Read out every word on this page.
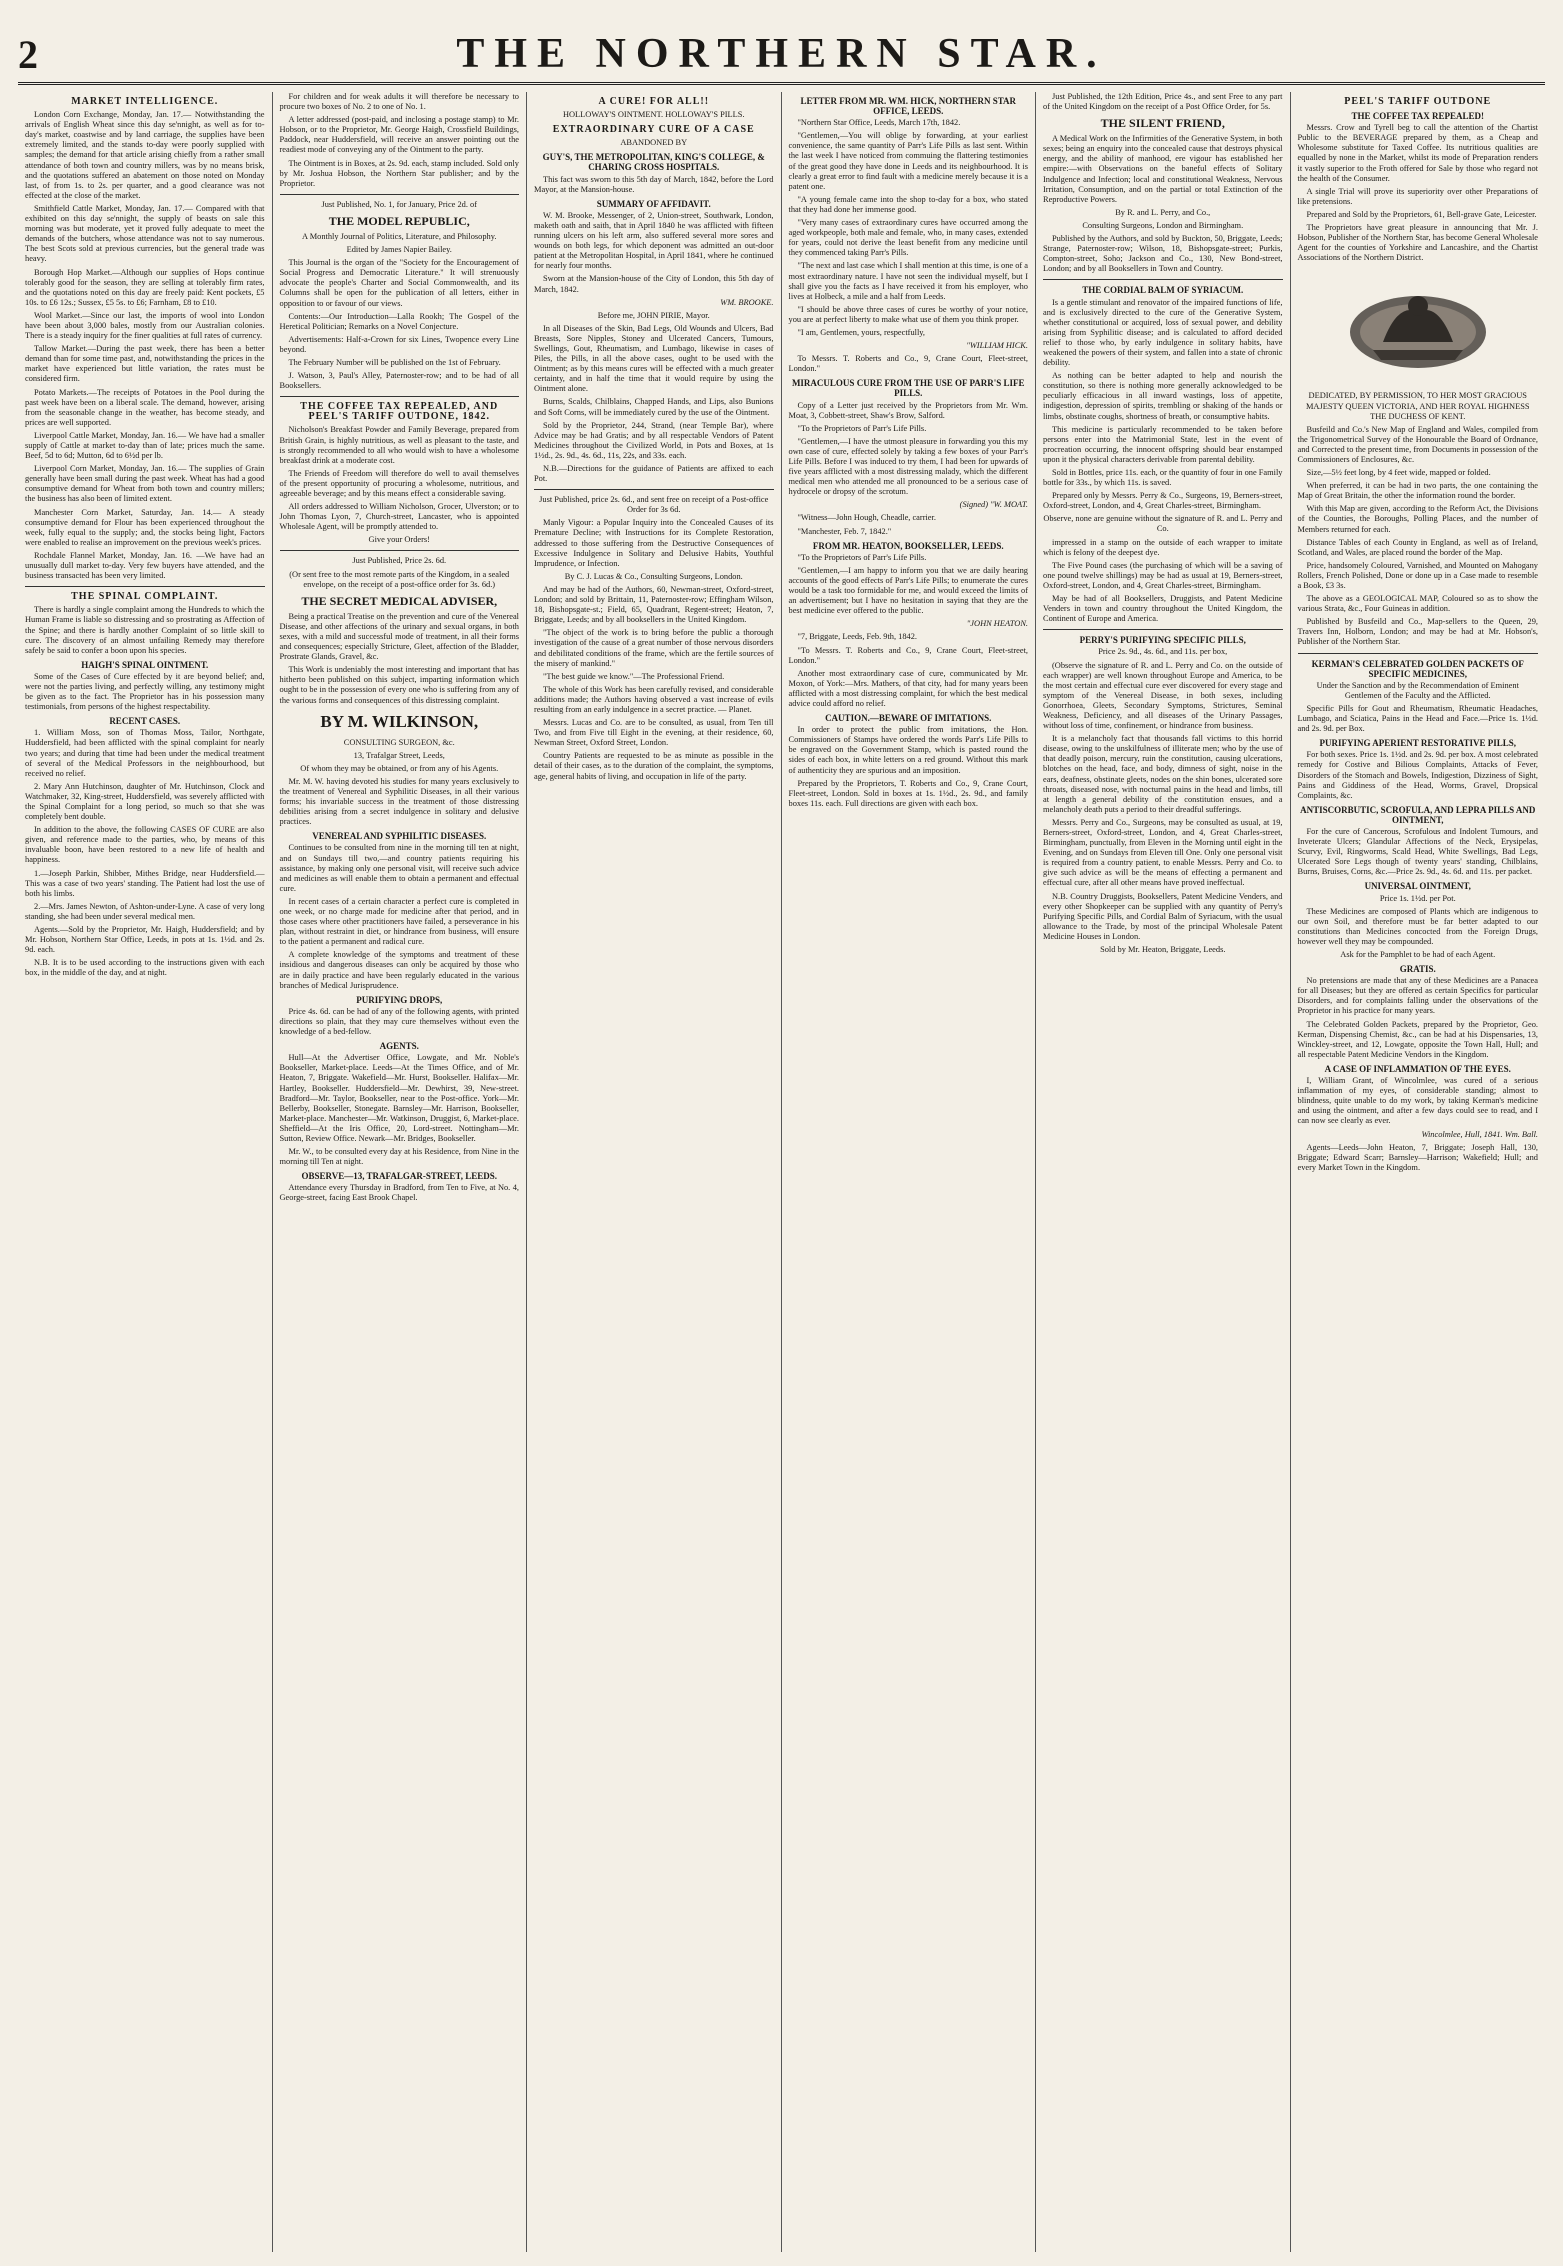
2	THE NORTHERN STAR.
MARKET INTELLIGENCE.

London Corn Exchange, Monday, Jan. 17.— Notwithstanding the arrivals of English Wheat since this day se'nnight, as well as for to-day's market, coastwise and by land carriage, the supplies have been extremely limited, and the stands to-day were poorly supplied with samples; the demand for that article arising chiefly from a rather small attendance of both town and country millers, was by no means brisk, and the quotations suffered an abatement on those noted on Monday last, of from 1s. to 2s. per quarter, and a good clearance was not effected at the close of the market.

Smithfield Cattle Market, Monday, Jan. 17.— Compared with that exhibited on this day se'nnight, the supply of beasts on sale this morning was but moderate, yet it proved fully adequate to meet the demands of the butchers, whose attendance was not to say numerous. The best Scots sold at previous currencies, but the general trade was heavy.

Borough Hop Market.—Although our supplies of Hops continue tolerably good for the season, they are selling at tolerably firm rates, and the quotations noted on this day are freely paid: Kent pockets, £5 10s. to £6 12s.; Sussex, £5 5s. to £6; Farnham, £8 to £10.

Wool Market.—Since our last, the imports of wool into London have been about 3,000 bales, mostly from our Australian colonies. There is a steady inquiry for the finer qualities at full rates of currency.

Tallow Market.—During the past week, there has been a better demand than for some time past, and, notwithstanding the prices in the market have experienced but little variation, the rates must be considered firm.

Potato Markets.—The receipts of Potatoes in the Pool during the past week have been on a liberal scale. The demand, however, arising from the seasonable change in the weather, has become steady, and prices are well supported.

Liverpool Cattle Market, Monday, Jan. 16.— We have had a smaller supply of Cattle at market to-day than of late; prices much the same. Beef, 5d to 6d; Mutton, 6d to 6½d per lb.

Liverpool Corn Market, Monday, Jan. 16.— The supplies of Grain generally have been small during the past week. Wheat has had a good consumptive demand for Wheat from both town and country millers; the business has also been of limited extent.

Manchester Corn Market, Saturday, Jan. 14.— A steady consumptive demand for Flour has been experienced throughout the week, fully equal to the supply; and, the stocks being light, Factors were enabled to realise an improvement on the previous week's prices.

Rochdale Flannel Market, Monday, Jan. 16. —We have had an unusually dull market to-day. Very few buyers have attended, and the business transacted has been very limited.

THE SPINAL COMPLAINT.

There is hardly a single complaint among the Hundreds to which the Human Frame is liable so distressing and so prostrating as Affection of the Spine; and there is hardly another Complaint of so little skill to cure. The discovery of an almost unfailing Remedy may therefore safely be said to confer a boon upon his species.

HAIGH'S SPINAL OINTMENT.

Some of the Cases of Cure effected by it are beyond belief; and, were not the parties living, and perfectly willing, any testimony might be given as to the fact. The Proprietor has in his possession many testimonials, from persons of the highest respectability.

RECENT CASES.

1. William Moss, son of Thomas Moss, Tailor, Northgate, Huddersfield, had been afflicted with the spinal complaint for nearly two years; and during that time had been under the medical treatment of several of the Medical Professors in the neighbourhood, but received no relief.

2. Mary Ann Hutchinson, daughter of Mr. Hutchinson, Clock and Watchmaker, 32, King-street, Huddersfield, was severely afflicted with the Spinal Complaint for a long period, so much so that she was completely bent double.

In addition to the above, the following CASES OF CURE are also given, and reference made to the parties, who, by means of this invaluable boon, have been restored to a new life of health and happiness.

1.—Joseph Parkin, Shibber, Mithes Bridge, near Huddersfield.—This was a case of two years' standing. The Patient had lost the use of both his limbs.

2.—Mrs. James Newton, of Ashton-under-Lyne. A case of very long standing, she had been under several medical men.

Agents.—Sold by the Proprietor, Mr. Haigh, Huddersfield; and by Mr. Hobson, Northern Star Office, Leeds, in pots at 1s. 1½d. and 2s. 9d. each.

N.B. It is to be used according to the instructions given with each box, in the middle of the day, and at night.

For children and for weak adults it will therefore be necessary to procure two boxes of No. 2 to one of No. 1.

A letter addressed (post-paid, and inclosing a postage stamp) to Mr. Hobson, or to the Proprietor, Mr. George Haigh, Crossfield Buildings, Paddock, near Huddersfield, will receive an answer pointing out the readiest mode of conveying any of the Ointment to the party.

The Ointment is in Boxes, at 2s. 9d. each, stamp included. Sold only by Mr. Joshua Hobson, the Northern Star publisher; and by the Proprietor.

Just Published, No. 1, for January, Price 2d. of

THE MODEL REPUBLIC,

A Monthly Journal of Politics, Literature, and Philosophy.

Edited by James Napier Bailey.

This Journal is the organ of the "Society for the Encouragement of Social Progress and Democratic Literature." It will strenuously advocate the people's Charter and Social Commonwealth, and its Columns shall be open for the publication of all letters, either in opposition to or favour of our views.

Contents:—Our Introduction—Lalla Rookh; The Gospel of the Heretical Politician; Remarks on a Novel Conjecture.

Advertisements: Half-a-Crown for six Lines, Twopence every Line beyond.

The February Number will be published on the 1st of February.

J. Watson, 3, Paul's Alley, Paternoster-row; and to be had of all Booksellers.

THE COFFEE TAX REPEALED, AND PEEL'S TARIFF OUTDONE, 1842.

Nicholson's Breakfast Powder and Family Beverage, prepared from British Grain, is highly nutritious, as well as pleasant to the taste, and is strongly recommended to all who would wish to have a wholesome breakfast drink at a moderate cost.

The Friends of Freedom will therefore do well to avail themselves of the present opportunity of procuring a wholesome, nutritious, and agreeable beverage; and by this means effect a considerable saving.

All orders addressed to William Nicholson, Grocer, Ulverston; or to John Thomas Lyon, 7, Church-street, Lancaster, who is appointed Wholesale Agent, will be promptly attended to.

Give your Orders!

Just Published, Price 2s. 6d.

(Or sent free to the most remote parts of the Kingdom, in a sealed envelope, on the receipt of a post-office order for 3s. 6d.)

THE SECRET MEDICAL ADVISER,

Being a practical Treatise on the prevention and cure of the Venereal Disease, and other affections of the urinary and sexual organs, in both sexes, with a mild and successful mode of treatment, in all their forms and consequences; especially Stricture, Gleet, affection of the Bladder, Prostrate Glands, Gravel, &c.

This Work is undeniably the most interesting and important that has hitherto been published on this subject, imparting information which ought to be in the possession of every one who is suffering from any of the various forms and consequences of this distressing complaint.

BY M. WILKINSON,

CONSULTING SURGEON, &c.

13, Trafalgar Street, Leeds,

Of whom they may be obtained, or from any of his Agents.

Mr. M. W. having devoted his studies for many years exclusively to the treatment of Venereal and Syphilitic Diseases, in all their various forms; his invariable success in the treatment of those distressing debilities arising from a secret indulgence in solitary and delusive practices.

VENEREAL AND SYPHILITIC DISEASES.

Continues to be consulted from nine in the morning till ten at night, and on Sundays till two,—and country patients requiring his assistance, by making only one personal visit, will receive such advice and medicines as will enable them to obtain a permanent and effectual cure.

In recent cases of a certain character a perfect cure is completed in one week, or no charge made for medicine after that period, and in those cases where other practitioners have failed, a perseverance in his plan, without restraint in diet, or hindrance from business, will ensure to the patient a permanent and radical cure.

A complete knowledge of the symptoms and treatment of these insidious and dangerous diseases can only be acquired by those who are in daily practice and have been regularly educated in the various branches of Medical Jurisprudence.

PURIFYING DROPS,

Price 4s. 6d. can be had of any of the following agents, with printed directions so plain, that they may cure themselves without even the knowledge of a bed-fellow.

AGENTS.

Hull—At the Advertiser Office, Lowgate, and Mr. Noble's Bookseller, Market-place. Leeds—At the Times Office, and of Mr. Heaton, 7, Briggate. Wakefield—Mr. Hurst, Bookseller. Halifax—Mr. Hartley, Bookseller. Huddersfield—Mr. Dewhirst, 39, New-street. Bradford—Mr. Taylor, Bookseller, near to the Post-office. York—Mr. Bellerby, Bookseller, Stonegate. Barnsley—Mr. Harrison, Bookseller, Market-place. Manchester—Mr. Watkinson, Druggist, 6, Market-place. Sheffield—At the Iris Office, 20, Lord-street. Nottingham—Mr. Sutton, Review Office. Newark—Mr. Bridges, Bookseller.

Mr. W., to be consulted every day at his Residence, from Nine in the morning till Ten at night.

OBSERVE—13, TRAFALGAR-STREET, LEEDS.

Attendance every Thursday in Bradford, from Ten to Five, at No. 4, George-street, facing East Brook Chapel.

A CURE! FOR ALL!!

HOLLOWAY'S OINTMENT. HOLLOWAY'S PILLS.

EXTRAORDINARY CURE OF A CASE

ABANDONED BY

GUY'S, THE METROPOLITAN, KING'S COLLEGE, & CHARING CROSS HOSPITALS.

This fact was sworn to this 5th day of March, 1842, before the Lord Mayor, at the Mansion-house.

SUMMARY OF AFFIDAVIT.

W. M. Brooke, Messenger, of 2, Union-street, Southwark, London, maketh oath and saith, that in April 1840 he was afflicted with fifteen running ulcers on his left arm, also suffered several more sores and wounds on both legs, for which deponent was admitted an out-door patient at the Metropolitan Hospital, in April 1841, where he continued for nearly four months.

Sworn at the Mansion-house of the City of London, this 5th day of March, 1842.

WM. BROOKE.

Before me, JOHN PIRIE, Mayor.

In all Diseases of the Skin, Bad Legs, Old Wounds and Ulcers, Bad Breasts, Sore Nipples, Stoney and Ulcerated Cancers, Tumours, Swellings, Gout, Rheumatism, and Lumbago, likewise in cases of Piles, the Pills, in all the above cases, ought to be used with the Ointment; as by this means cures will be effected with a much greater certainty, and in half the time that it would require by using the Ointment alone.

Burns, Scalds, Chilblains, Chapped Hands, and Lips, also Bunions and Soft Corns, will be immediately cured by the use of the Ointment.

Sold by the Proprietor, 244, Strand, (near Temple Bar), where Advice may be had Gratis; and by all respectable Vendors of Patent Medicines throughout the Civilized World, in Pots and Boxes, at 1s 1½d., 2s. 9d., 4s. 6d., 11s, 22s, and 33s. each.

N.B.—Directions for the guidance of Patients are affixed to each Pot.

Just Published, price 2s. 6d., and sent free on receipt of a Post-office Order for 3s 6d.

Manly Vigour: a Popular Inquiry into the Concealed Causes of its Premature Decline; with Instructions for its Complete Restoration, addressed to those suffering from the Destructive Consequences of Excessive Indulgence in Solitary and Delusive Habits, Youthful Imprudence, or Infection.

By C. J. Lucas & Co., Consulting Surgeons, London.

And may be had of the Authors, 60, Newman-street, Oxford-street, London; and sold by Brittain, 11, Paternoster-row; Effingham Wilson, 18, Bishopsgate-st.; Field, 65, Quadrant, Regent-street; Heaton, 7, Briggate, Leeds; and by all booksellers in the United Kingdom.

"The object of the work is to bring before the public a thorough investigation of the cause of a great number of those nervous disorders and debilitated conditions of the frame, which are the fertile sources of the misery of mankind."

"The best guide we know."—The Professional Friend.

The whole of this Work has been carefully revised, and considerable additions made; the Authors having observed a vast increase of evils resulting from an early indulgence in a secret practice. — Planet.

Messrs. Lucas and Co. are to be consulted, as usual, from Ten till Two, and from Five till Eight in the evening, at their residence, 60, Newman Street, Oxford Street, London.

Country Patients are requested to be as minute as possible in the detail of their cases, as to the duration of the complaint, the symptoms, age, general habits of living, and occupation in life of the party.

LETTER FROM MR. WM. HICK, NORTHERN STAR OFFICE, LEEDS.

"Northern Star Office, Leeds, March 17th, 1842.

"Gentlemen,—You will oblige by forwarding, at your earliest convenience, the same quantity of Parr's Life Pills as last sent. Within the last week I have noticed from commuing the flattering testimonies of the great good they have done in Leeds and its neighbourhood. It is clearly a great error to find fault with a medicine merely because it is a patent one.

"A young female came into the shop to-day for a box, who stated that they had done her immense good.

"Very many cases of extraordinary cures have occurred among the aged workpeople, both male and female, who, in many cases, extended for years, could not derive the least benefit from any medicine until they commenced taking Parr's Pills.

"The next and last case which I shall mention at this time, is one of a most extraordinary nature. I have not seen the individual myself, but I shall give you the facts as I have received it from his employer, who lives at Holbeck, a mile and a half from Leeds.

"I should be above three cases of cures be worthy of your notice, you are at perfect liberty to make what use of them you think proper.

"I am, Gentlemen, yours, respectfully,

"WILLIAM HICK.

To Messrs. T. Roberts and Co., 9, Crane Court, Fleet-street, London."

MIRACULOUS CURE FROM THE USE OF PARR'S LIFE PILLS.

Copy of a Letter just received by the Proprietors from Mr. Wm. Moat, 3, Cobbett-street, Shaw's Brow, Salford.

"To the Proprietors of Parr's Life Pills.

"Gentlemen,—I have the utmost pleasure in forwarding you this my own case of cure, effected solely by taking a few boxes of your Parr's Life Pills. Before I was induced to try them, I had been for upwards of five years afflicted with a most distressing malady, which the different medical men who attended me all pronounced to be a serious case of hydrocele or dropsy of the scrotum.

(Signed) "W. MOAT.

"Witness—John Hough, Cheadle, carrier.

"Manchester, Feb. 7, 1842."

FROM MR. HEATON, BOOKSELLER, LEEDS.

"To the Proprietors of Parr's Life Pills.

"Gentlemen,—I am happy to inform you that we are daily hearing accounts of the good effects of Parr's Life Pills; to enumerate the cures would be a task too formidable for me, and would exceed the limits of an advertisement; but I have no hesitation in saying that they are the best medicine ever offered to the public.

"JOHN HEATON.

"7, Briggate, Leeds, Feb. 9th, 1842.

"To Messrs. T. Roberts and Co., 9, Crane Court, Fleet-street, London."

Another most extraordinary case of cure, communicated by Mr. Moxon, of York:—Mrs. Mathers, of that city, had for many years been afflicted with a most distressing complaint, for which the best medical advice could afford no relief.

CAUTION.—BEWARE OF IMITATIONS.

In order to protect the public from imitations, the Hon. Commissioners of Stamps have ordered the words Parr's Life Pills to be engraved on the Government Stamp, which is pasted round the sides of each box, in white letters on a red ground. Without this mark of authenticity they are spurious and an imposition.

Prepared by the Proprietors, T. Roberts and Co., 9, Crane Court, Fleet-street, London. Sold in boxes at 1s. 1½d., 2s. 9d., and family boxes 11s. each. Full directions are given with each box.

Just Published, the 12th Edition, Price 4s., and sent Free to any part of the United Kingdom on the receipt of a Post Office Order, for 5s.

THE SILENT FRIEND,

A Medical Work on the Infirmities of the Generative System, in both sexes; being an enquiry into the concealed cause that destroys physical energy, and the ability of manhood, ere vigour has established her empire:—with Observations on the baneful effects of Solitary Indulgence and Infection; local and constitutional Weakness, Nervous Irritation, Consumption, and on the partial or total Extinction of the Reproductive Powers.

By R. and L. Perry, and Co.,

Consulting Surgeons, London and Birmingham.

Published by the Authors, and sold by Buckton, 50, Briggate, Leeds; Strange, Paternoster-row; Wilson, 18, Bishopsgate-street; Purkis, Compton-street, Soho; Jackson and Co., 130, New Bond-street, London; and by all Booksellers in Town and Country.

THE CORDIAL BALM OF SYRIACUM.

Is a gentle stimulant and renovator of the impaired functions of life, and is exclusively directed to the cure of the Generative System, whether constitutional or acquired, loss of sexual power, and debility arising from Syphilitic disease; and is calculated to afford decided relief to those who, by early indulgence in solitary habits, have weakened the powers of their system, and fallen into a state of chronic debility.

As nothing can be better adapted to help and nourish the constitution, so there is nothing more generally acknowledged to be peculiarly efficacious in all inward wastings, loss of appetite, indigestion, depression of spirits, trembling or shaking of the hands or limbs, obstinate coughs, shortness of breath, or consumptive habits.

This medicine is particularly recommended to be taken before persons enter into the Matrimonial State, lest in the event of procreation occurring, the innocent offspring should bear enstamped upon it the physical characters derivable from parental debility.

Sold in Bottles, price 11s. each, or the quantity of four in one Family bottle for 33s., by which 11s. is saved.

Prepared only by Messrs. Perry & Co., Surgeons, 19, Berners-street, Oxford-street, London, and 4, Great Charles-street, Birmingham.

Observe, none are genuine without the signature of R. and L. Perry and Co.

impressed in a stamp on the outside of each wrapper to imitate which is felony of the deepest dye.

The Five Pound cases (the purchasing of which will be a saving of one pound twelve shillings) may be had as usual at 19, Berners-street, Oxford-street, London, and 4, Great Charles-street, Birmingham.

May be had of all Booksellers, Druggists, and Patent Medicine Venders in town and country throughout the United Kingdom, the Continent of Europe and America.

PERRY'S PURIFYING SPECIFIC PILLS,

Price 2s. 9d., 4s. 6d., and 11s. per box,

(Observe the signature of R. and L. Perry and Co. on the outside of each wrapper) are well known throughout Europe and America, to be the most certain and effectual cure ever discovered for every stage and symptom of the Venereal Disease, in both sexes, including Gonorrhoea, Gleets, Secondary Symptoms, Strictures, Seminal Weakness, Deficiency, and all diseases of the Urinary Passages, without loss of time, confinement, or hindrance from business.

It is a melancholy fact that thousands fall victims to this horrid disease, owing to the unskilfulness of illiterate men; who by the use of that deadly poison, mercury, ruin the constitution, causing ulcerations, blotches on the head, face, and body, dimness of sight, noise in the ears, deafness, obstinate gleets, nodes on the shin bones, ulcerated sore throats, diseased nose, with nocturnal pains in the head and limbs, till at length a general debility of the constitution ensues, and a melancholy death puts a period to their dreadful sufferings.

Messrs. Perry and Co., Surgeons, may be consulted as usual, at 19, Berners-street, Oxford-street, London, and 4, Great Charles-street, Birmingham, punctually, from Eleven in the Morning until eight in the Evening, and on Sundays from Eleven till One. Only one personal visit is required from a country patient, to enable Messrs. Perry and Co. to give such advice as will be the means of effecting a permanent and effectual cure, after all other means have proved ineffectual.

N.B. Country Druggists, Booksellers, Patent Medicine Venders, and every other Shopkeeper can be supplied with any quantity of Perry's Purifying Specific Pills, and Cordial Balm of Syriacum, with the usual allowance to the Trade, by most of the principal Wholesale Patent Medicine Houses in London.

Sold by Mr. Heaton, Briggate, Leeds.

PEEL'S TARIFF OUTDONE
THE COFFEE TAX REPEALED!

Messrs. Crow and Tyrell beg to call the attention of the Chartist Public to the BEVERAGE prepared by them, as a Cheap and Wholesome substitute for Taxed Coffee. Its nutritious qualities are equalled by none in the Market, whilst its mode of Preparation renders it vastly superior to the Froth offered for Sale by those who regard not the health of the Consumer.

A single Trial will prove its superiority over other Preparations of like pretensions.

Prepared and Sold by the Proprietors, 61, Bell-grave Gate, Leicester.

The Proprietors have great pleasure in announcing that Mr. J. Hobson, Publisher of the Northern Star, has become General Wholesale Agent for the counties of Yorkshire and Lancashire, and the Chartist Associations of the Northern District.

DEDICATED, BY PERMISSION, TO HER MOST GRACIOUS MAJESTY QUEEN VICTORIA, AND HER ROYAL HIGHNESS THE DUCHESS OF KENT.

Busfeild and Co.'s New Map of England and Wales, compiled from the Trigonometrical Survey of the Honourable the Board of Ordnance, and Corrected to the present time, from Documents in possession of the Commissioners of Enclosures, &c.

Size,—5½ feet long, by 4 feet wide, mapped or folded.

When preferred, it can be had in two parts, the one containing the Map of Great Britain, the other the information round the border.

With this Map are given, according to the Reform Act, the Divisions of the Counties, the Boroughs, Polling Places, and the number of Members returned for each.

Distance Tables of each County in England, as well as of Ireland, Scotland, and Wales, are placed round the border of the Map.

Price, handsomely Coloured, Varnished, and Mounted on Mahogany Rollers, French Polished, Done or done up in a Case made to resemble a Book, £3 3s.

The above as a GEOLOGICAL MAP, Coloured so as to show the various Strata, &c., Four Guineas in addition.

Published by Busfeild and Co., Map-sellers to the Queen, 29, Travers Inn, Holborn, London; and may be had at Mr. Hobson's, Publisher of the Northern Star.

KERMAN'S CELEBRATED GOLDEN PACKETS OF SPECIFIC MEDICINES,

Under the Sanction and by the Recommendation of Eminent Gentlemen of the Faculty and the Afflicted.

Specific Pills for Gout and Rheumatism, Rheumatic Headaches, Lumbago, and Sciatica, Pains in the Head and Face.—Price 1s. 1½d. and 2s. 9d. per Box.

PURIFYING APERIENT RESTORATIVE PILLS,

For both sexes. Price 1s. 1½d. and 2s. 9d. per box. A most celebrated remedy for Costive and Bilious Complaints, Attacks of Fever, Disorders of the Stomach and Bowels, Indigestion, Dizziness of Sight, Pains and Giddiness of the Head, Worms, Gravel, Dropsical Complaints, &c.

ANTISCORBUTIC, SCROFULA, AND LEPRA PILLS AND OINTMENT,

For the cure of Cancerous, Scrofulous and Indolent Tumours, and Inveterate Ulcers; Glandular Affections of the Neck, Erysipelas, Scurvy, Evil, Ringworms, Scald Head, White Swellings, Bad Legs, Ulcerated Sore Legs though of twenty years' standing, Chilblains, Burns, Bruises, Corns, &c.—Price 2s. 9d., 4s. 6d. and 11s. per packet.

UNIVERSAL OINTMENT,

Price 1s. 1½d. per Pot.

These Medicines are composed of Plants which are indigenous to our own Soil, and therefore must be far better adapted to our constitutions than Medicines concocted from the Foreign Drugs, however well they may be compounded.

Ask for the Pamphlet to be had of each Agent.

GRATIS.

No pretensions are made that any of these Medicines are a Panacea for all Diseases; but they are offered as certain Specifics for particular Disorders, and for complaints falling under the observations of the Proprietor in his practice for many years.

The Celebrated Golden Packets, prepared by the Proprietor, Geo. Kerman, Dispensing Chemist, &c., can be had at his Dispensaries, 13, Winckley-street, and 12, Lowgate, opposite the Town Hall, Hull; and all respectable Patent Medicine Vendors in the Kingdom.

A CASE OF INFLAMMATION OF THE EYES.

I, William Grant, of Wincolmlee, was cured of a serious inflammation of my eyes, of considerable standing; almost to blindness, quite unable to do my work, by taking Kerman's medicine and using the ointment, and after a few days could see to read, and I can now see clearly as ever.

Wincolmlee, Hull, 1841. Wm. Ball.

Agents—Leeds—John Heaton, 7, Briggate; Joseph Hall, 130, Briggate; Edward Scarr; Barnsley—Harrison; Wakefield; Hull; and every Market Town in the Kingdom.
